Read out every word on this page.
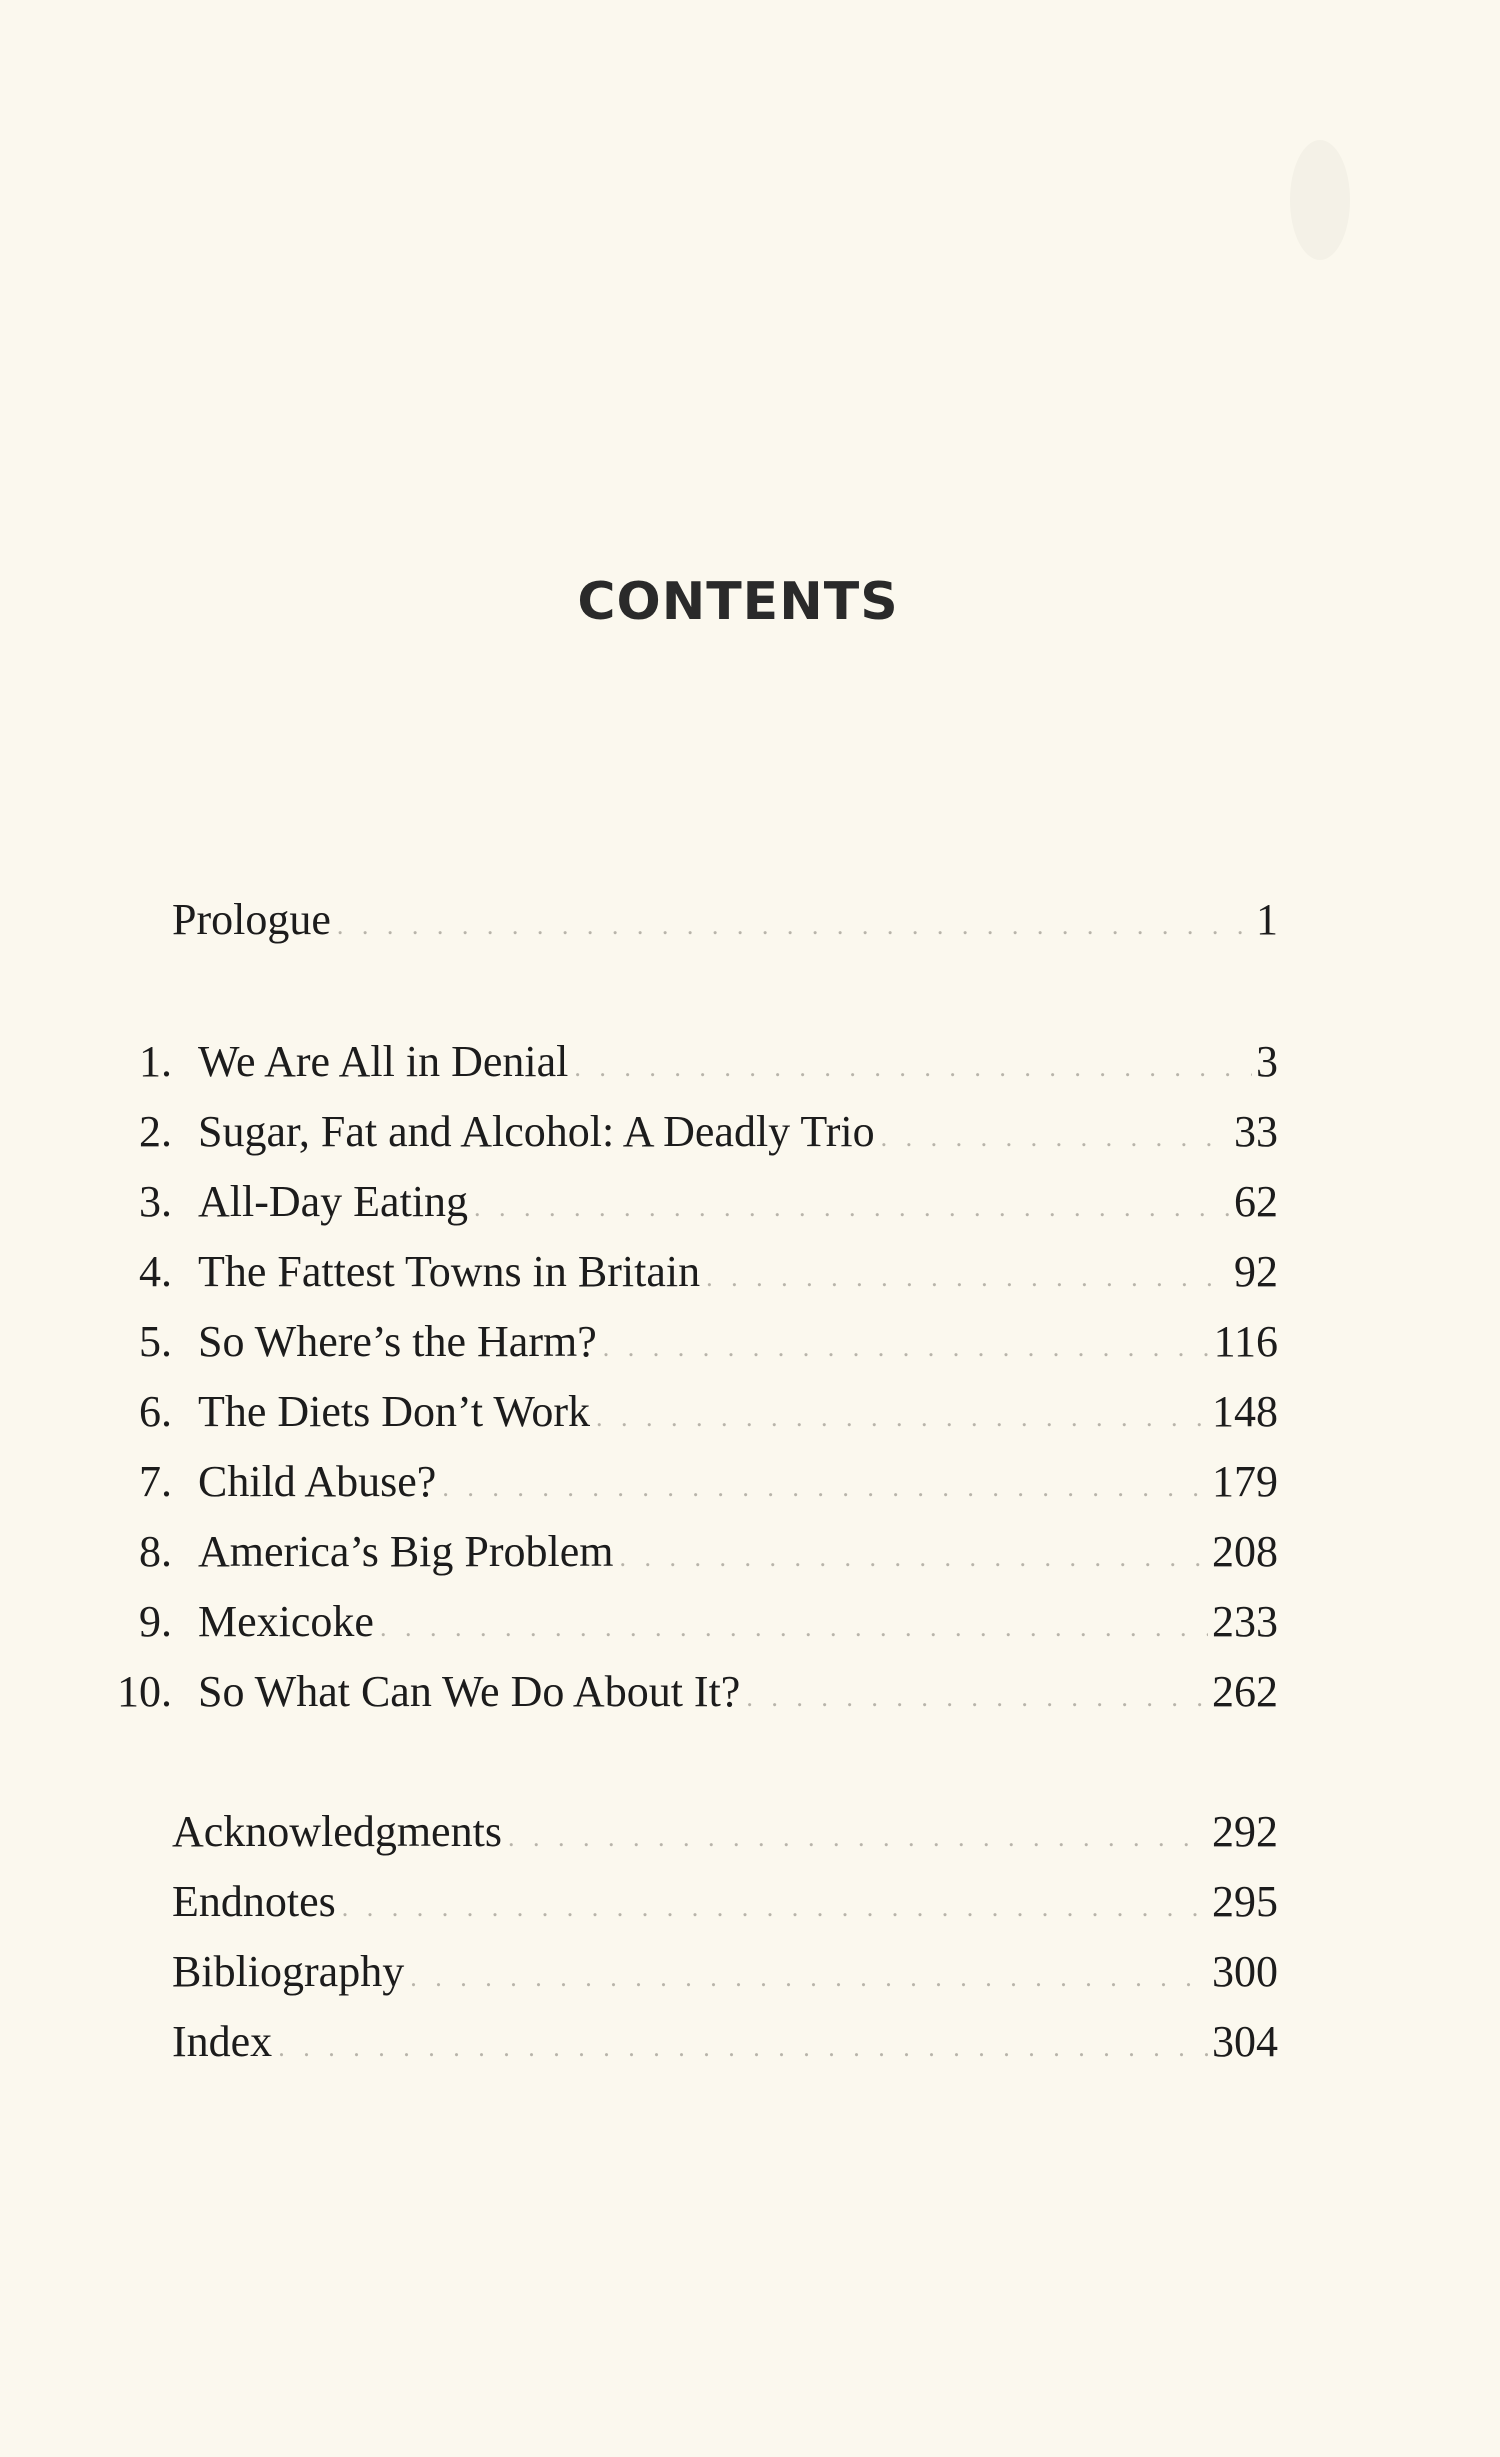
CONTENTS
Prologue . . .	1
1. We Are All in Denial . . .	3
2. Sugar, Fat and Alcohol: A Deadly Trio . . .	33
3. All-Day Eating . . .	62
4. The Fattest Towns in Britain . . .	92
5. So Where’s the Harm? . . .	116
6. The Diets Don’t Work . . .	148
7. Child Abuse? . . .	179
8. America’s Big Problem . . .	208
9. Mexicoke . . .	233
10. So What Can We Do About It? . . .	262
Acknowledgments . . .	292
Endnotes . . .	295
Bibliography . . .	300
Index . . .	304
